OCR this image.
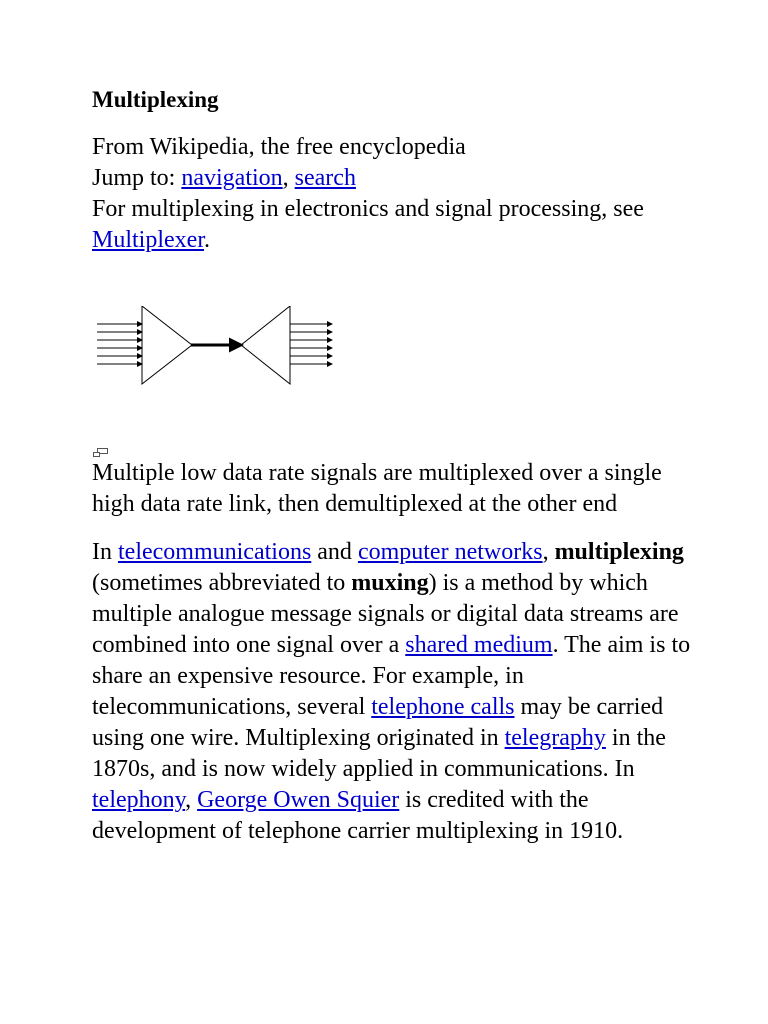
Multiplexing

From Wikipedia, the free encyclopedia

Jump to: navigation, search

For multiplexing in electronics and signal processing, see Multiplexer.

Multiple low data rate signals are multiplexed over a single high data rate link, then demultiplexed at the other end

In telecommunications and computer networks, multiplexing (sometimes abbreviated to muxing) is a method by which multiple analogue message signals or digital data streams are combined into one signal over a shared medium. The aim is to share an expensive resource. For example, in telecommunications, several telephone calls may be carried using one wire. Multiplexing originated in telegraphy in the 1870s, and is now widely applied in communications. In telephony, George Owen Squier is credited with the development of telephone carrier multiplexing in 1910.
